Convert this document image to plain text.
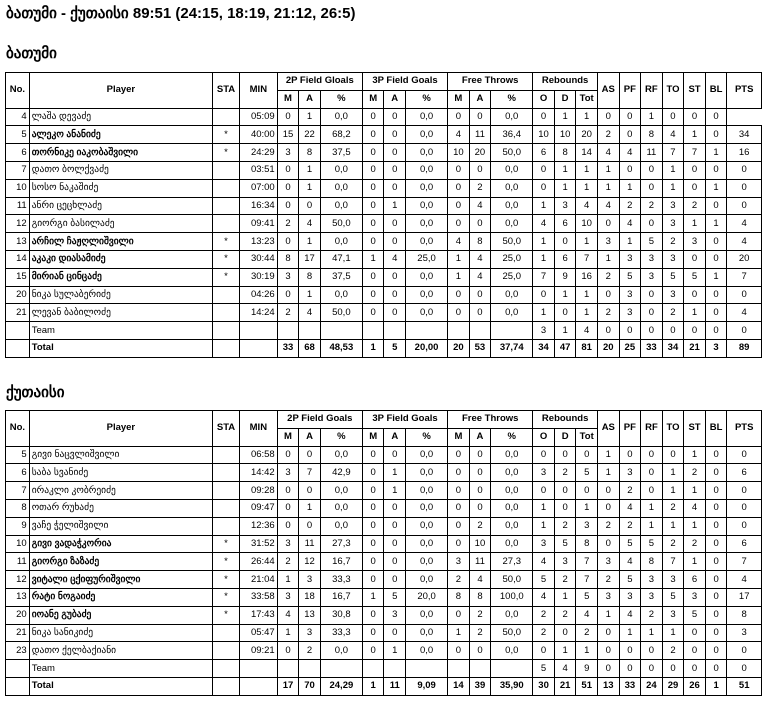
ბათუმი - ქუთაისი 89:51 (24:15, 18:19, 21:12, 26:5)
ბათუმი
No.	Player	STA	MIN	2P Field Gloals			3P Field Goals			Free Throws			Rebounds			AS	PF	RF	TO	ST	BL	PTS
				M	A	%	M	A	%	M	A	%	O	D	Tot							
4	ლაშა დევაძე		05:09	0	1	0,0	0	0	0,0	0	0	0,0	0	1	1	0	0	1	0	0	0	
5	ალეკო ანანიძე	*	40:00	15	22	68,2	0	0	0,0	4	11	36,4	10	10	20	2	0	8	4	1	0	34
6	თორნიკე იაკობაშვილი	*	24:29	3	8	37,5	0	0	0,0	10	20	50,0	6	8	14	4	4	11	7	7	1	16
7	დათო ბოლქვაძე		03:51	0	1	0,0	0	0	0,0	0	0	0,0	0	1	1	1	0	0	1	0	0	0
10	სოსო ნაკაშიძე		07:00	0	1	0,0	0	0	0,0	0	2	0,0	0	1	1	1	1	0	1	0	1	0
11	ანრი ცეცხლაძე		16:34	0	0	0,0	0	1	0,0	0	4	0,0	1	3	4	4	2	2	3	2	0	0
12	გიორგი ბასილაძე		09:41	2	4	50,0	0	0	0,0	0	0	0,0	4	6	10	0	4	0	3	1	1	4
13	არჩილ ჩაჟღლიშვილი	*	13:23	0	1	0,0	0	0	0,0	4	8	50,0	1	0	1	3	1	5	2	3	0	4
14	აკაკი დიასამიძე	*	30:44	8	17	47,1	1	4	25,0	1	4	25,0	1	6	7	1	3	3	3	0	0	20
15	მირიან ცინცაძე	*	30:19	3	8	37,5	0	0	0,0	1	4	25,0	7	9	16	2	5	3	5	5	1	7
20	ნიკა სულაბერიძე		04:26	0	1	0,0	0	0	0,0	0	0	0,0	0	1	1	0	3	0	3	0	0	0
21	ლევან ბაბილოძე		14:24	2	4	50,0	0	0	0,0	0	0	0,0	1	0	1	2	3	0	2	1	0	4
	Team												3	1	4	0	0	0	0	0	0	0
	Total			33	68	48,53	1	5	20,00	20	53	37,74	34	47	81	20	25	33	34	21	3	89
ქუთაისი
No.	Player	STA	MIN	2P Field Goals			3P Field Goals			Free Throws			Rebounds			AS	PF	RF	TO	ST	BL	PTS
				M	A	%	M	A	%	M	A	%	O	D	Tot							
5	გივი ნაცვლიშვილი		06:58	0	0	0,0	0	0	0,0	0	0	0,0	0	0	0	1	0	0	0	1	0	0
6	საბა სვანიძე		14:42	3	7	42,9	0	1	0,0	0	0	0,0	3	2	5	1	3	0	1	2	0	6
7	ირაკლი კობრეიძე		09:28	0	0	0,0	0	1	0,0	0	0	0,0	0	0	0	0	2	0	1	1	0	0
8	ოთარ რუხაძე		09:47	0	1	0,0	0	0	0,0	0	0	0,0	1	0	1	0	4	1	2	4	0	0
9	ვაჩე ჭელიშვილი		12:36	0	0	0,0	0	0	0,0	0	2	0,0	1	2	3	2	2	1	1	1	0	0
10	გივი ვადაჭკორია	*	31:52	3	11	27,3	0	0	0,0	0	10	0,0	3	5	8	0	5	5	2	2	0	6
11	გიორგი ზაზაძე	*	26:44	2	12	16,7	0	0	0,0	3	11	27,3	4	3	7	3	4	8	7	1	0	7
12	ვიტალი ცქიფურიშვილი	*	21:04	1	3	33,3	0	0	0,0	2	4	50,0	5	2	7	2	5	3	3	6	0	4
13	რატი ნოგაიძე	*	33:58	3	18	16,7	1	5	20,0	8	8	100,0	4	1	5	3	3	3	5	3	0	17
20	იოანე გუბაძე	*	17:43	4	13	30,8	0	3	0,0	0	2	0,0	2	2	4	1	4	2	3	5	0	8
21	ნიკა სანიკიძე		05:47	1	3	33,3	0	0	0,0	1	2	50,0	2	0	2	0	1	1	1	0	0	3
23	დათო ქელბაქიანი		09:21	0	2	0,0	0	1	0,0	0	0	0,0	0	1	1	0	0	0	2	0	0	0
	Team												5	4	9	0	0	0	0	0	0	0
	Total			17	70	24,29	1	11	9,09	14	39	35,90	30	21	51	13	33	24	29	26	1	51
